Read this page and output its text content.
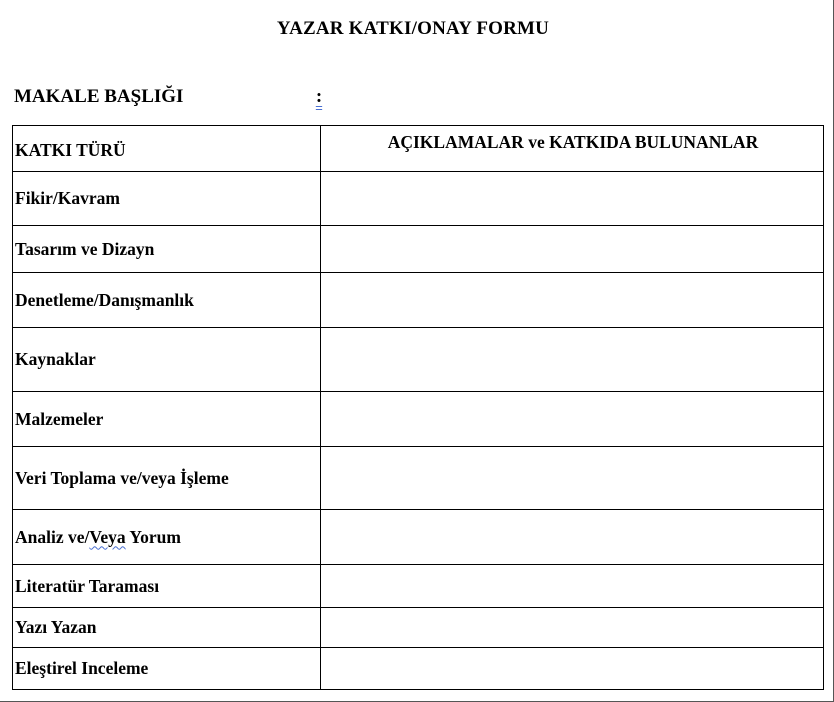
YAZAR KATKI/ONAY FORMU
MAKALE BAŞLIĞI	:
KATKI TÜRÜ	AÇIKLAMALAR ve KATKIDA BULUNANLAR
Fikir/Kavram	
Tasarım ve Dizayn	
Denetleme/Danışmanlık	
Kaynaklar	
Malzemeler	
Veri Toplama ve/veya İşleme	
Analiz ve/Veya Yorum	
Literatür Taraması	
Yazı Yazan	
Eleştirel Inceleme	
